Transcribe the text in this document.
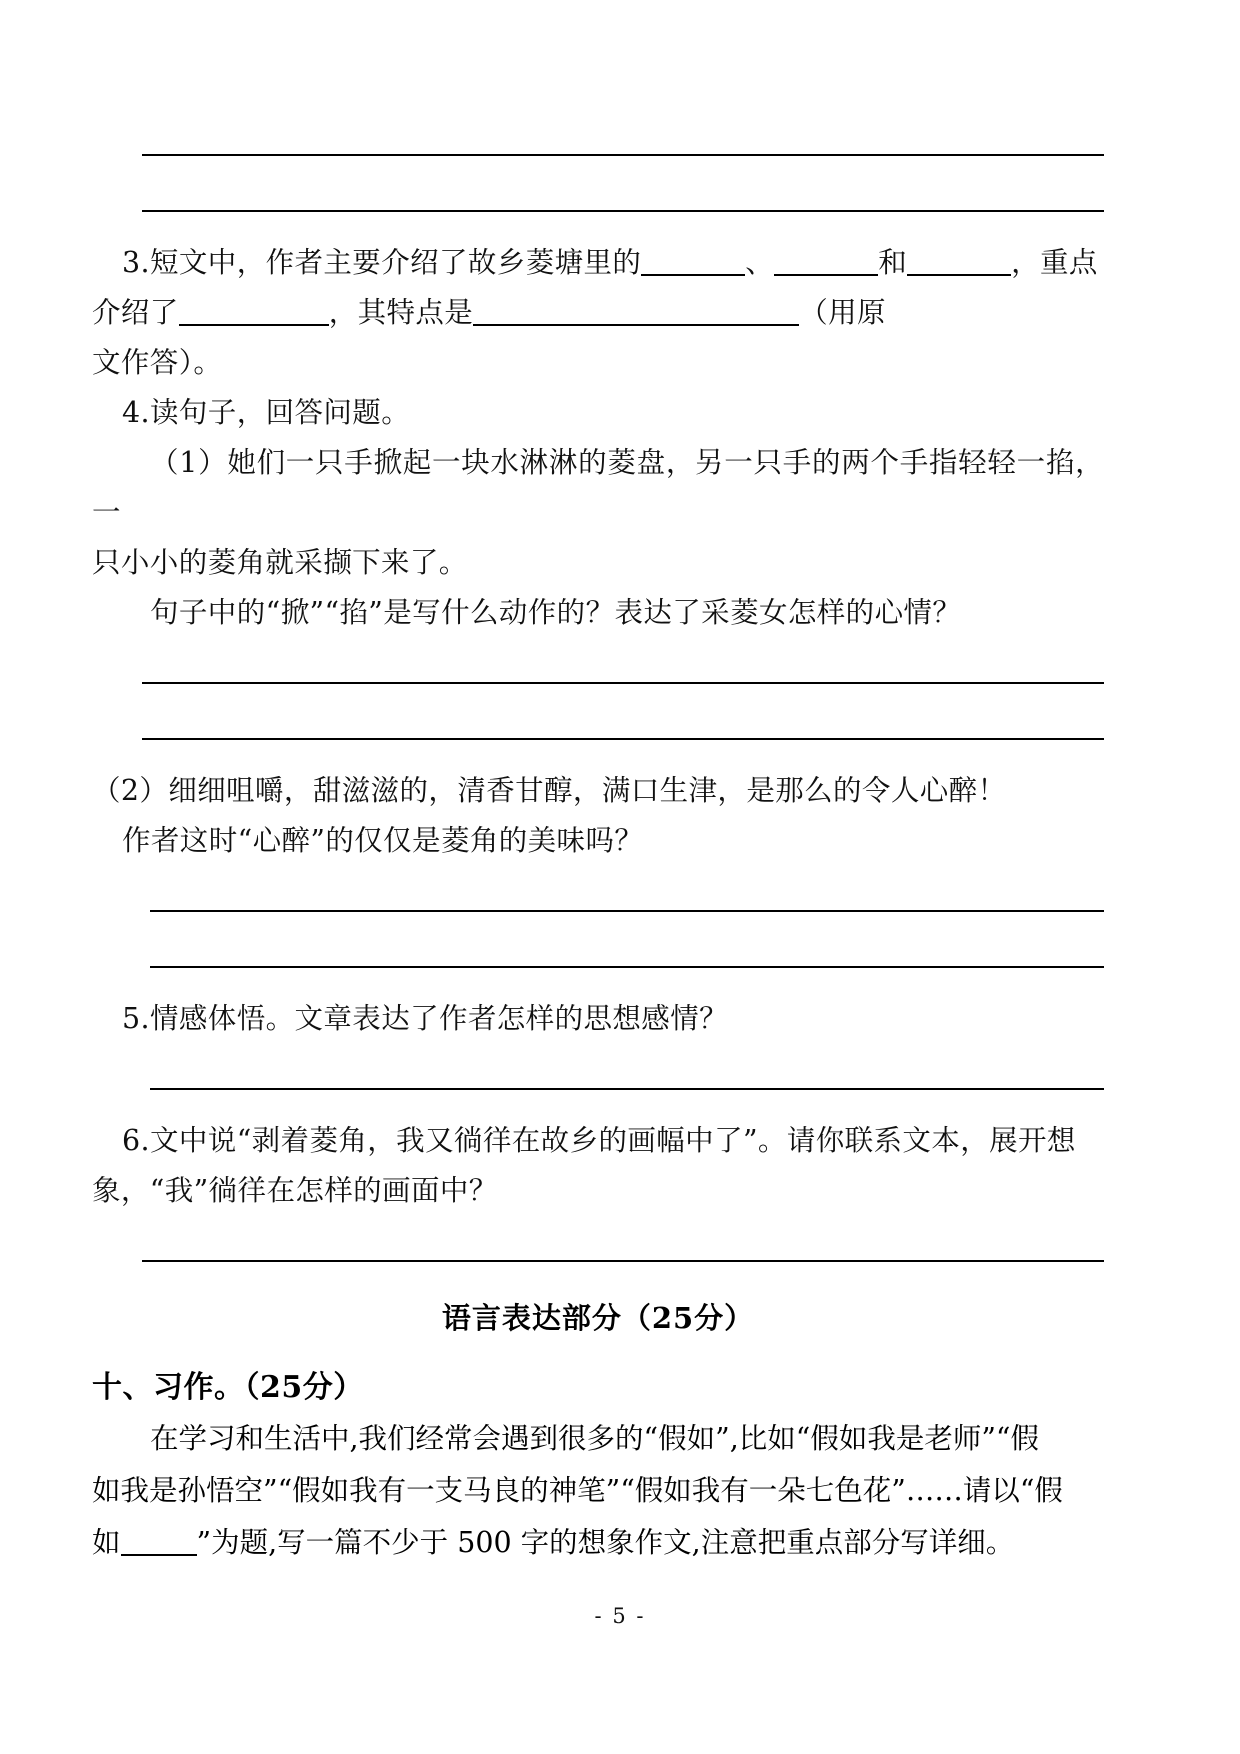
3.短文中，作者主要介绍了故乡菱塘里的	、	和	，重点
介绍了	，其特点是	（用原
文作答）。
4.读句子，回答问题。
（1）她们一只手掀起一块水淋淋的菱盘，另一只手的两个手指轻轻一掐，一
只小小的菱角就采撷下来了。
句子中的“掀”“掐”是写什么动作的？表达了采菱女怎样的心情？
（2）细细咀嚼，甜滋滋的，清香甘醇，满口生津，是那么的令人心醉！
作者这时“心醉”的仅仅是菱角的美味吗？
5.情感体悟。文章表达了作者怎样的思想感情？
6.文中说“剥着菱角，我又徜徉在故乡的画幅中了”。请你联系文本，展开想
象，“我”徜徉在怎样的画面中？
语言表达部分（25分）
十、习作。（25分）
在学习和生活中,我们经常会遇到很多的“假如”,比如“假如我是老师”“假
如我是孙悟空”“假如我有一支马良的神笔”“假如我有一朵七色花”……请以“假
如	”为题,写一篇不少于 500 字的想象作文,注意把重点部分写详细。
- 5 -
